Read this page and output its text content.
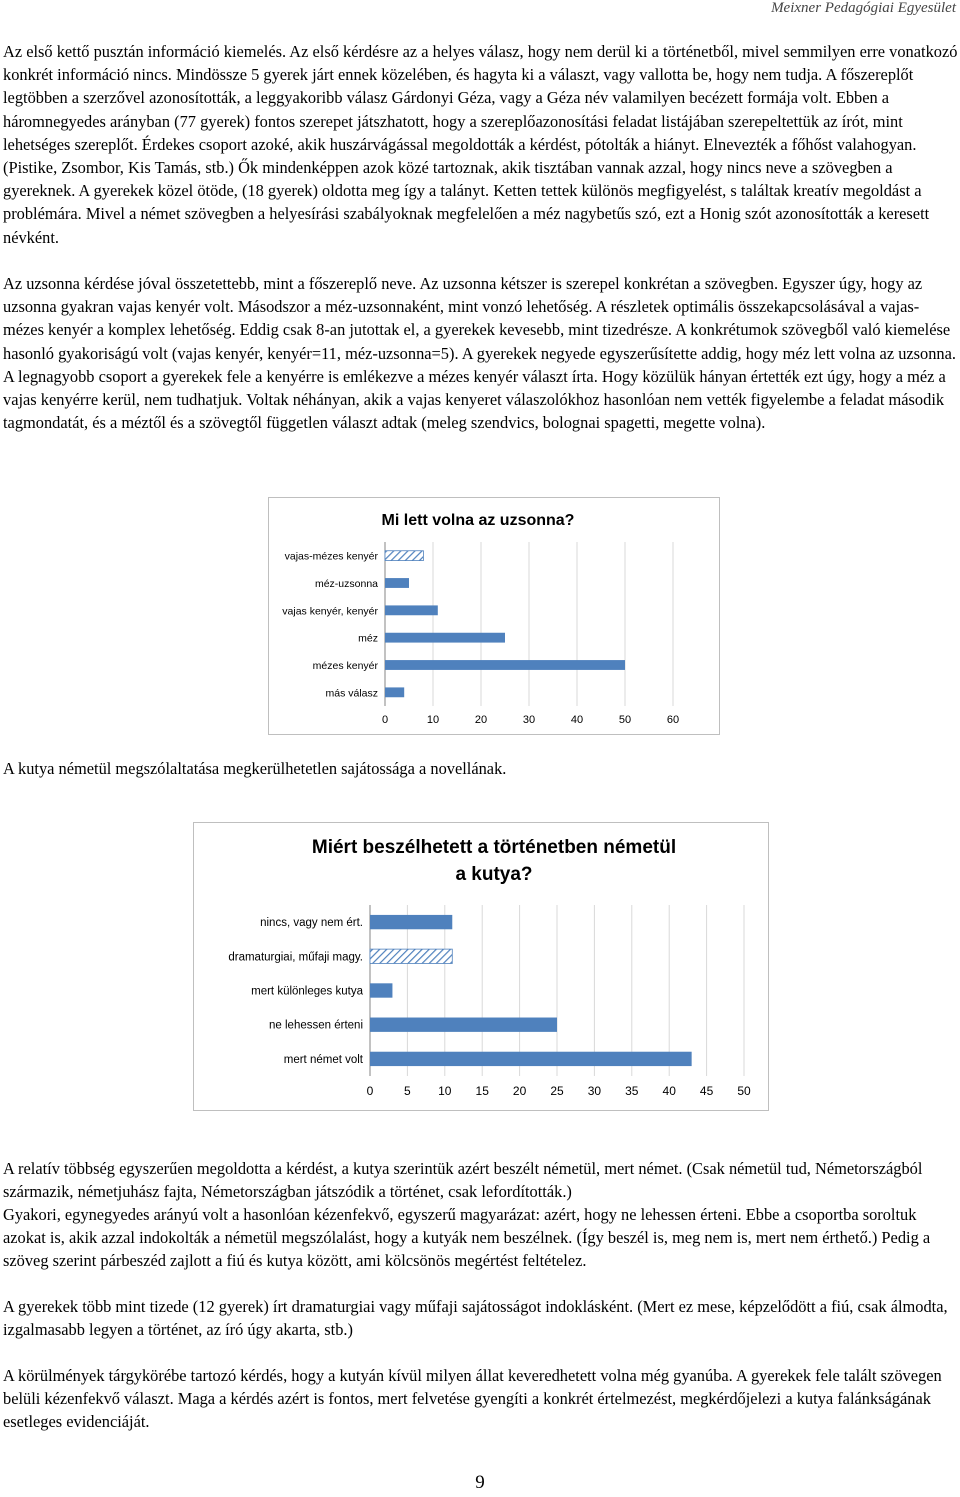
Meixner Pedagógiai Egyesület

Az első kettő pusztán információ kiemelés. Az első kérdésre az a helyes válasz, hogy nem derül ki a történetből, mivel semmilyen erre vonatkozó konkrét információ nincs. Mindössze 5 gyerek járt ennek közelében, és hagyta ki a választ, vagy vallotta be, hogy nem tudja. A főszereplőt legtöbben a szerzővel azonosították, a leggyakoribb válasz Gárdonyi Géza, vagy a Géza név valamilyen becézett formája volt. Ebben a háromnegyedes arányban (77 gyerek) fontos szerepet játszhatott, hogy a szereplőazonosítási feladat listájában szerepeltettük az írót, mint lehetséges szereplőt. Érdekes csoport azoké, akik huszárvágással megoldották a kérdést, pótolták a hiányt. Elnevezték a főhőst valahogyan. (Pistike, Zsombor, Kis Tamás, stb.) Ők mindenképpen azok közé tartoznak, akik tisztában vannak azzal, hogy nincs neve a szövegben a gyereknek. A gyerekek közel ötöde, (18 gyerek) oldotta meg így a talányt. Ketten tettek különös megfigyelést, s találtak kreatív megoldást a problémára. Mivel a német szövegben a helyesírási szabályoknak megfelelően a méz nagybetűs szó, ezt a Honig szót azonosították a keresett névként.

Az uzsonna kérdése jóval összetettebb, mint a főszereplő neve. Az uzsonna kétszer is szerepel konkrétan a szövegben. Egyszer úgy, hogy az uzsonna gyakran vajas kenyér volt. Másodszor a méz-uzsonnaként, mint vonzó lehetőség. A részletek optimális összekapcsolásával a vajas-mézes kenyér a komplex lehetőség. Eddig csak 8-an jutottak el, a gyerekek kevesebb, mint tizedrésze. A konkrétumok szövegből való kiemelése hasonló gyakoriságú volt (vajas kenyér, kenyér=11, méz-uzsonna=5). A gyerekek negyede egyszerűsítette addig, hogy méz lett volna az uzsonna. A legnagyobb csoport a gyerekek fele a kenyérre is emlékezve a mézes kenyér választ írta. Hogy közülük hányan értették ezt úgy, hogy a méz a vajas kenyérre kerül, nem tudhatjuk. Voltak néhányan, akik a vajas kenyeret válaszolókhoz hasonlóan nem vették figyelembe a feladat második tagmondatát, és a méztől és a szövegtől független választ adtak (meleg szendvics, bolognai spagetti, megette volna).

Mi lett volna az uzsonna?
0	10	20	30	40	50	60
vajas-mézes kenyér
méz-uzsonna
vajas kenyér, kenyér
méz
mézes kenyér
más válasz

A kutya németül megszólaltatása megkerülhetetlen sajátossága a novellának.

Miért beszélhetett a történetben németül
a kutya?
0	5 10 15 20 25 30 35 40 45 50
nincs, vagy nem ért.
dramaturgiai, műfaji magy.
mert különleges kutya
ne lehessen érteni
mert német volt

A relatív többség egyszerűen megoldotta a kérdést, a kutya szerintük azért beszélt németül, mert német. (Csak németül tud, Németországból származik, németjuhász fajta, Németországban játszódik a történet, csak lefordították.)

Gyakori, egynegyedes arányú volt a hasonlóan kézenfekvő, egyszerű magyarázat: azért, hogy ne lehessen érteni. Ebbe a csoportba soroltuk azokat is, akik azzal indokolták a németül megszólalást, hogy a kutyák nem beszélnek. (Így beszél is, meg nem is, mert nem érthető.) Pedig a szöveg szerint párbeszéd zajlott a fiú és kutya között, ami kölcsönös megértést feltételez.

A gyerekek több mint tizede (12 gyerek) írt dramaturgiai vagy műfaji sajátosságot indoklásként. (Mert ez mese, képzelődött a fiú, csak álmodta, izgalmasabb legyen a történet, az író úgy akarta, stb.)

A körülmények tárgykörébe tartozó kérdés, hogy a kutyán kívül milyen állat keveredhetett volna még gyanúba. A gyerekek fele talált szövegen belüli kézenfekvő választ. Maga a kérdés azért is fontos, mert felvetése gyengíti a konkrét értelmezést, megkérdőjelezi a kutya falánkságának esetleges evidenciáját.

9
